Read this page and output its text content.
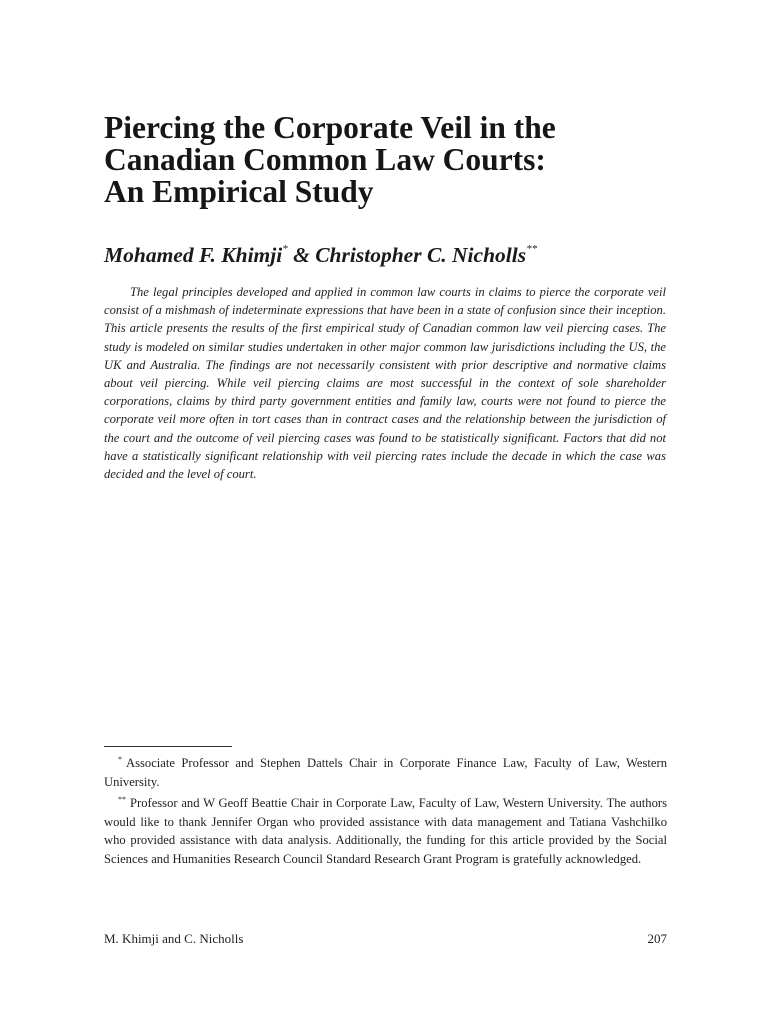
Piercing the Corporate Veil in the
Canadian Common Law Courts:
An Empirical Study
Mohamed F. Khimji* & Christopher C. Nicholls**

The legal principles developed and applied in common law courts in claims to pierce the corporate veil consist of a mishmash of indeterminate expressions that have been in a state of confusion since their inception. This article presents the results of the first empirical study of Canadian common law veil piercing cases. The study is modeled on similar studies undertaken in other major common law jurisdictions including the US, the UK and Australia. The findings are not necessarily consistent with prior descriptive and normative claims about veil piercing. While veil piercing claims are most successful in the context of sole shareholder corporations, claims by third party government entities and family law, courts were not found to pierce the corporate veil more often in tort cases than in contract cases and the relationship between the jurisdiction of the court and the outcome of veil piercing cases was found to be statistically significant. Factors that did not have a statistically significant relationship with veil piercing rates include the decade in which the case was decided and the level of court.

* Associate Professor and Stephen Dattels Chair in Corporate Finance Law, Faculty of Law, Western University.

** Professor and W Geoff Beattie Chair in Corporate Law, Faculty of Law, Western University. The authors would like to thank Jennifer Organ who provided assistance with data management and Tatiana Vashchilko who provided assistance with data analysis. Additionally, the funding for this article provided by the Social Sciences and Humanities Research Council Standard Research Grant Program is gratefully acknowledged.

M. Khimji and C. Nicholls	207
